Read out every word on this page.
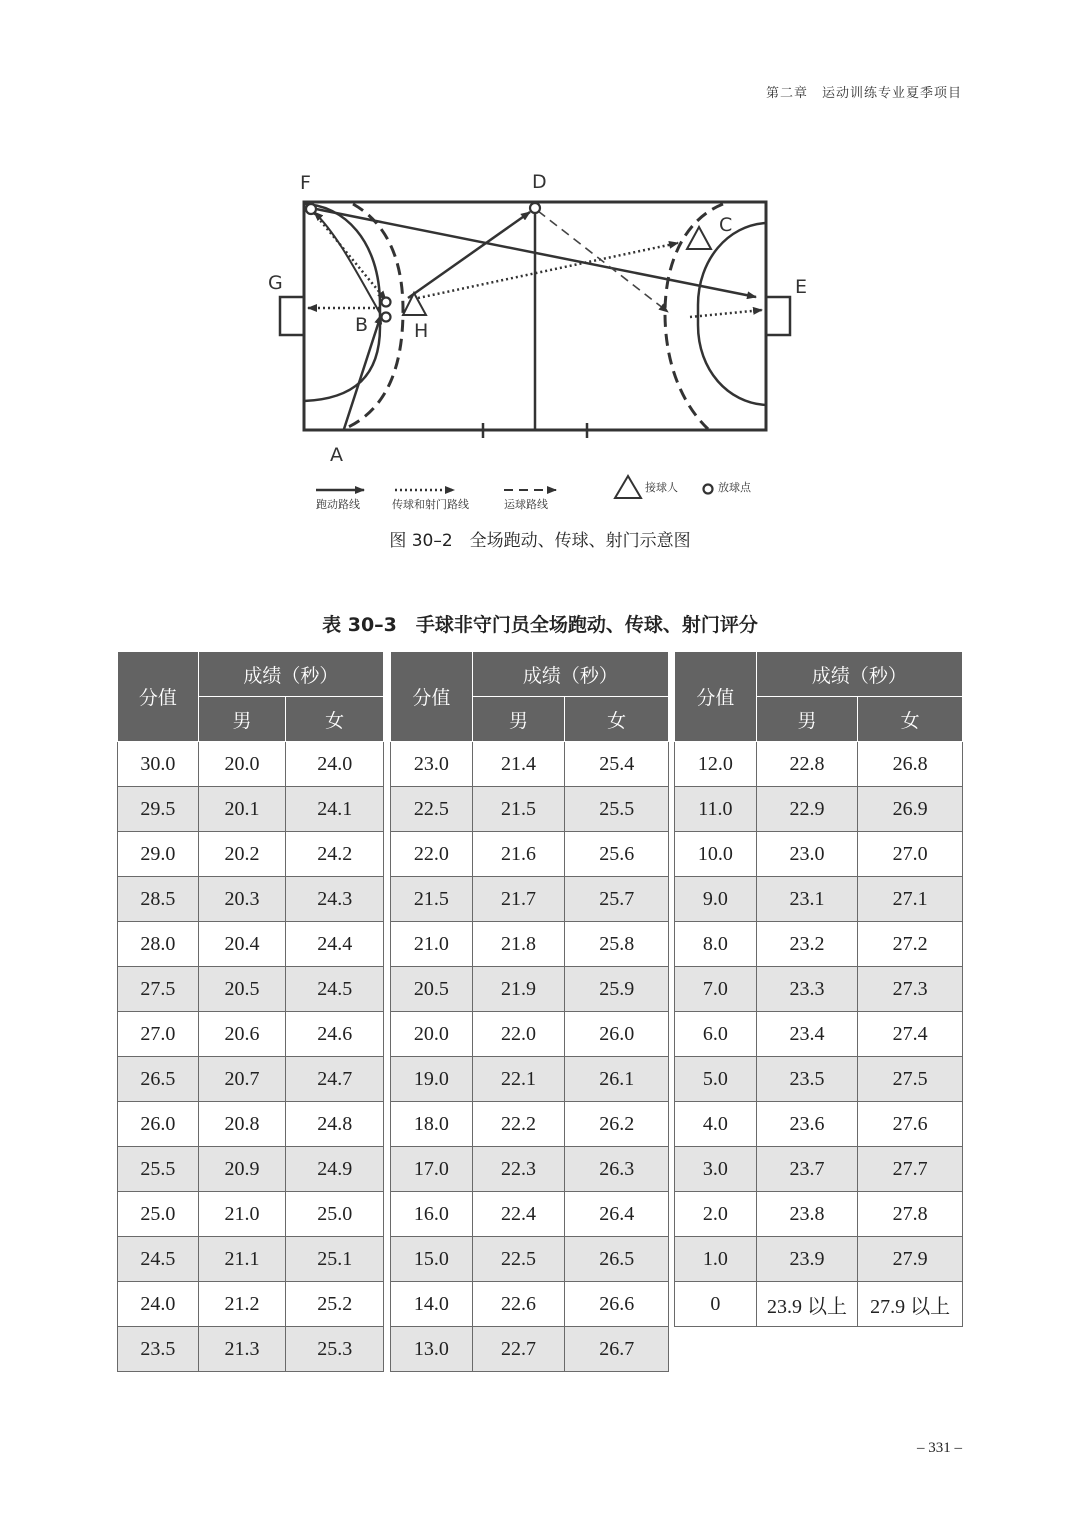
第二章　运动训练专业夏季项目
F	D
C
G	E
B H
A
跑动路线	传球和射门路线	运球路线
接球人	放球点
图 30–2　全场跑动、传球、射门示意图
表 30–3　手球非守门员全场跑动、传球、射门评分
分值	成绩（秒）	
	男	女
30.0	20.0	24.0
29.5	20.1	24.1
29.0	20.2	24.2
28.5	20.3	24.3
28.0	20.4	24.4
27.5	20.5	24.5
27.0	20.6	24.6
26.5	20.7	24.7
26.0	20.8	24.8
25.5	20.9	24.9
25.0	21.0	25.0
24.5	21.1	25.1
24.0	21.2	25.2
23.5	21.3	25.3
分值	成绩（秒）	
	男	女
23.0	21.4	25.4
22.5	21.5	25.5
22.0	21.6	25.6
21.5	21.7	25.7
21.0	21.8	25.8
20.5	21.9	25.9
20.0	22.0	26.0
19.0	22.1	26.1
18.0	22.2	26.2
17.0	22.3	26.3
16.0	22.4	26.4
15.0	22.5	26.5
14.0	22.6	26.6
13.0	22.7	26.7
分值	成绩（秒）	
	男	女
12.0	22.8	26.8
11.0	22.9	26.9
10.0	23.0	27.0
9.0	23.1	27.1
8.0	23.2	27.2
7.0	23.3	27.3
6.0	23.4	27.4
5.0	23.5	27.5
4.0	23.6	27.6
3.0	23.7	27.7
2.0	23.8	27.8
1.0	23.9	27.9
0	23.9 以上	27.9 以上
– 331 –
